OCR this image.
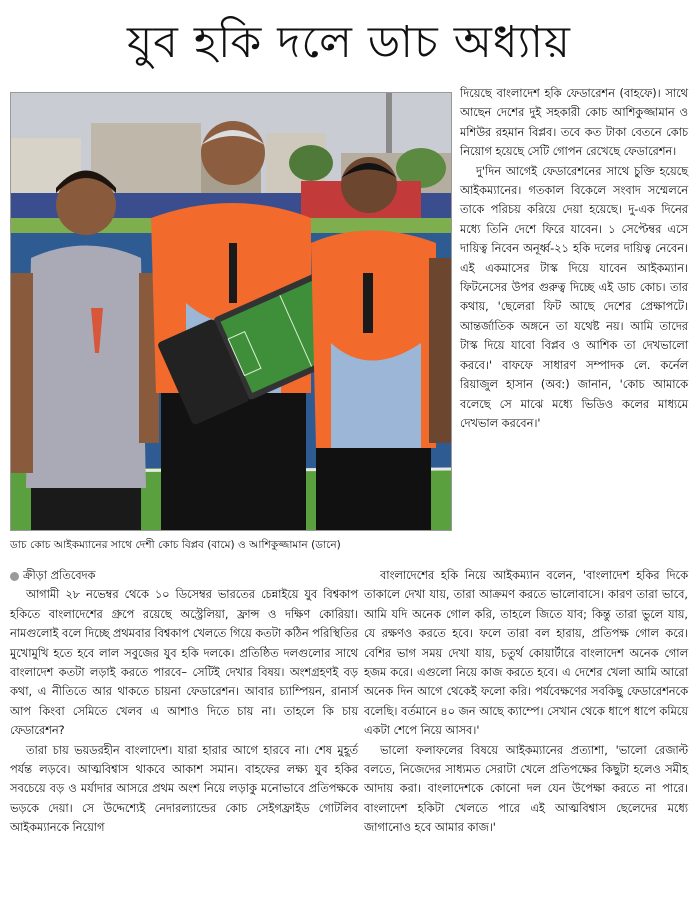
যুব হকি দলে ডাচ অধ্যায়
ডাচ কোচ আইকম্যানের সাথে দেশী কোচ বিপ্লব (বামে) ও আশিকুজ্জামান (ডানে)

দিয়েছে বাংলাদেশ হকি ফেডারেশন (বাহফে)। সাথে আছেন দেশের দুই সহকারী কোচ আশিকুজ্জামান ও মশিউর রহমান বিপ্লব। তবে কত টাকা বেতনে কোচ নিয়োগ হয়েছে সেটি গোপন রেখেছে ফেডারেশন।

দু'দিন আগেই ফেডারেশনের সাথে চুক্তি হয়েছে আইকম্যানের। গতকাল বিকেলে সংবাদ সম্মেলনে তাকে পরিচয় করিয়ে দেয়া হয়েছে। দু-এক দিনের মধ্যে তিনি দেশে ফিরে যাবেন। ১ সেপ্টেম্বর এসে দায়িত্ব নিবেন অনূর্ধ্ব-২১ হকি দলের দায়িত্ব নেবেন। এই একমাসের টাস্ক দিয়ে যাবেন আইকম্যান। ফিটনেসের উপর গুরুত্ব দিচ্ছে এই ডাচ কোচ। তার কথায়, 'ছেলেরা ফিট আছে দেশের প্রেক্ষাপটে। আন্তর্জাতিক অঙ্গনে তা যথেষ্ট নয়। আমি তাদের টাস্ক দিয়ে যাবো বিপ্লব ও আশিক তা দেখভালো করবে।' বাফফে সাধারণ সম্পাদক লে. কর্নেল রিয়াজুল হাসান (অব:) জানান, 'কোচ আমাকে বলেছে সে মাঝে মধ্যে ভিডিও কলের মাধ্যমে দেখভাল করবেন।'

ক্রীড়া প্রতিবেদক

আগামী ২৮ নভেম্বর থেকে ১০ ডিসেম্বর ভারতের চেন্নাইয়ে যুব বিশ্বকাপ হকিতে বাংলাদেশের গ্রুপে রয়েছে অস্ট্রেলিয়া, ফ্রান্স ও দক্ষিণ কোরিয়া। নামগুলোই বলে দিচ্ছে প্রথমবার বিশ্বকাপ খেলতে গিয়ে কতটা কঠিন পরিস্থিতির মুখোমুখি হতে হবে লাল সবুজের যুব হকি দলকে। প্রতিষ্ঠিত দলগুলোর সাথে বাংলাদেশ কতটা লড়াই করতে পারবে– সেটিই দেখার বিষয়। অংশগ্রহণই বড় কথা, এ নীতিতে আর থাকতে চায়না ফেডারেশন। আবার চ্যাম্পিয়ন, রানার্স আপ কিংবা সেমিতে খেলব এ আশাও দিতে চায় না। তাহলে কি চায় ফেডারেশন?

তারা চায় ভয়ডরহীন বাংলাদেশ। যারা হারার আগে হারবে না। শেষ মুহূর্ত পর্যন্ত লড়বে। আত্মবিশ্বাস থাকবে আকাশ সমান। বাহফের লক্ষ্য যুব হকির সবচেয়ে বড় ও মর্যাদার আসরে প্রথম অংশ নিয়ে লড়াকু মনোভাবে প্রতিপক্ষকে ভড়কে দেয়া। সে উদ্দেশ্যেই নেদারল্যান্ডের কোচ সেইগফ্রাইড গোটলিব আইকম্যানকে নিয়োগ

বাংলাদেশের হকি নিয়ে আইকম্যান বলেন, 'বাংলাদেশ হকির দিকে তাকালে দেখা যায়, তারা আক্রমণ করতে ভালোবাসে। কারণ তারা ভাবে, আমি যদি অনেক গোল করি, তাহলে জিতে যাব; কিন্তু তারা ভুলে যায়, যে রক্ষণও করতে হবে। ফলে তারা বল হারায়, প্রতিপক্ষ গোল করে। বেশির ভাগ সময় দেখা যায়, চতুর্থ কোয়ার্টারে বাংলাদেশ অনেক গোল হজম করে। এগুলো নিয়ে কাজ করতে হবে। এ দেশের খেলা আমি আরো অনেক দিন আগে থেকেই ফলো করি। পর্যবেক্ষণের সবকিছু ফেডারেশনকে বলেছি। বর্তমানে ৪০ জন আছে ক্যাম্পে। সেখান থেকে ধাপে ধাপে কমিয়ে একটা শেপে নিয়ে আসব।'

ভালো ফলাফলের বিষয়ে আইকম্যানের প্রত্যাশা, 'ভালো রেজাল্ট বলতে, নিজেদের সাধ্যমত সেরাটা খেলে প্রতিপক্ষের কিছুটা হলেও সমীহ আদায় করা। বাংলাদেশকে কোনো দল যেন উপেক্ষা করতে না পারে। বাংলাদেশ হকিটা খেলতে পারে এই আত্মবিশ্বাস ছেলেদের মধ্যে জাগানোও হবে আমার কাজ।'
